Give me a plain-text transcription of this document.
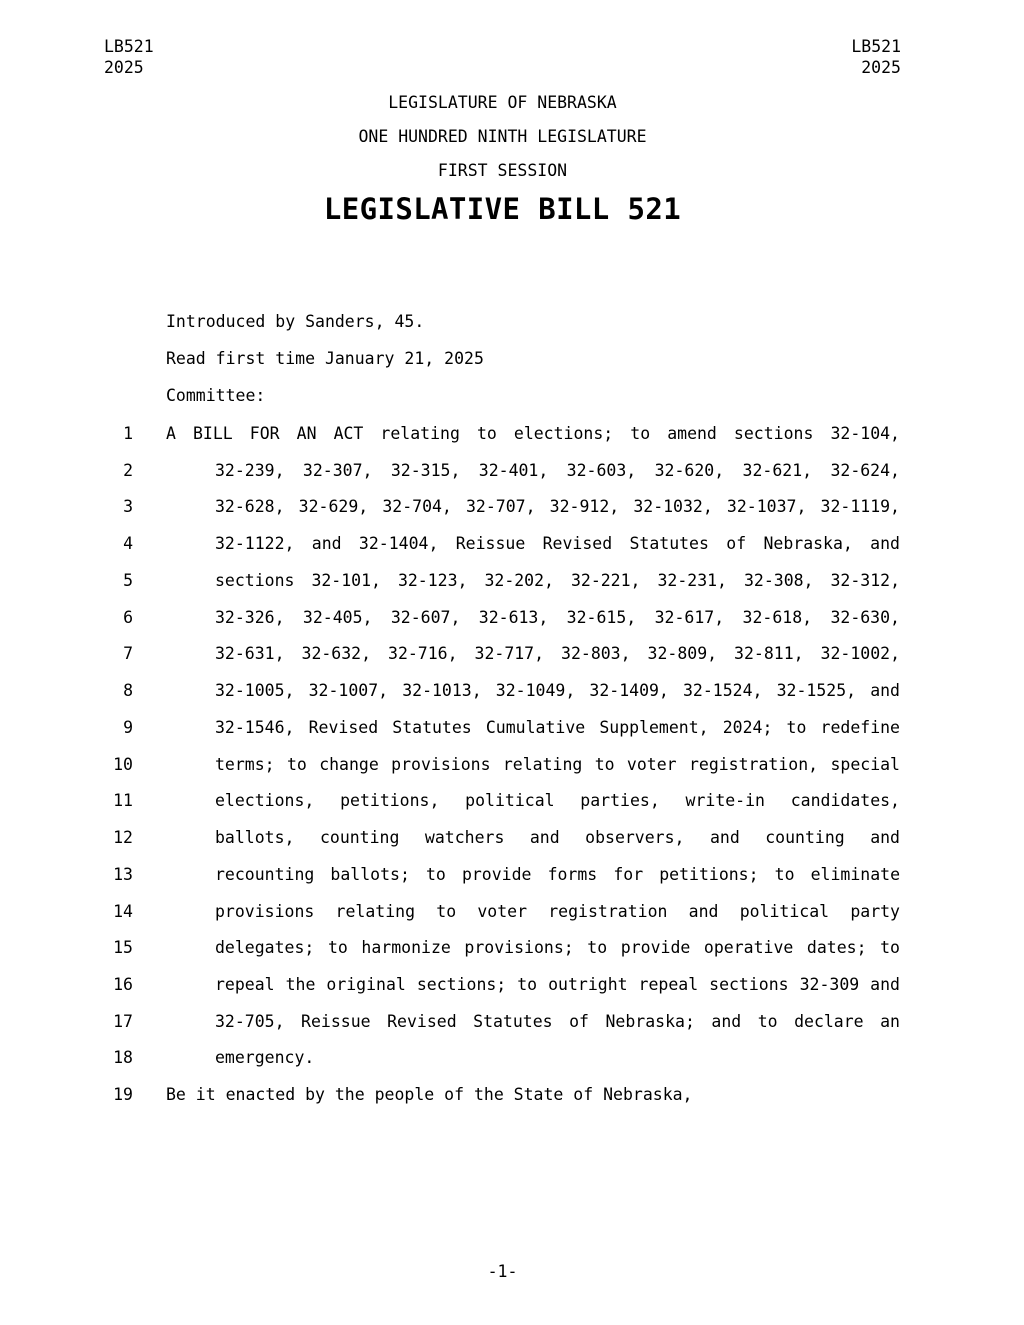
LB521
2025
LB521
2025
LEGISLATURE OF NEBRASKA
ONE HUNDRED NINTH LEGISLATURE
FIRST SESSION
LEGISLATIVE BILL 521
Introduced by Sanders, 45.
Read first time January 21, 2025
Committee:
1 A BILL FOR AN ACT relating to elections; to amend sections 32-104,
2	32-239, 32-307, 32-315, 32-401, 32-603, 32-620, 32-621, 32-624,
3	32-628, 32-629, 32-704, 32-707, 32-912, 32-1032, 32-1037, 32-1119,
4	32-1122, and 32-1404, Reissue Revised Statutes of Nebraska, and
5	sections 32-101, 32-123, 32-202, 32-221, 32-231, 32-308, 32-312,
6	32-326, 32-405, 32-607, 32-613, 32-615, 32-617, 32-618, 32-630,
7	32-631, 32-632, 32-716, 32-717, 32-803, 32-809, 32-811, 32-1002,
8	32-1005, 32-1007, 32-1013, 32-1049, 32-1409, 32-1524, 32-1525, and
9	32-1546, Revised Statutes Cumulative Supplement, 2024; to redefine
10	terms; to change provisions relating to voter registration, special
11	elections, petitions, political parties, write-in candidates,
12	ballots, counting watchers and observers, and counting and
13	recounting ballots; to provide forms for petitions; to eliminate
14	provisions relating to voter registration and political party
15	delegates; to harmonize provisions; to provide operative dates; to
16	repeal the original sections; to outright repeal sections 32-309 and
17	32-705, Reissue Revised Statutes of Nebraska; and to declare an
18	emergency.
19 Be it enacted by the people of the State of Nebraska,
-1-
